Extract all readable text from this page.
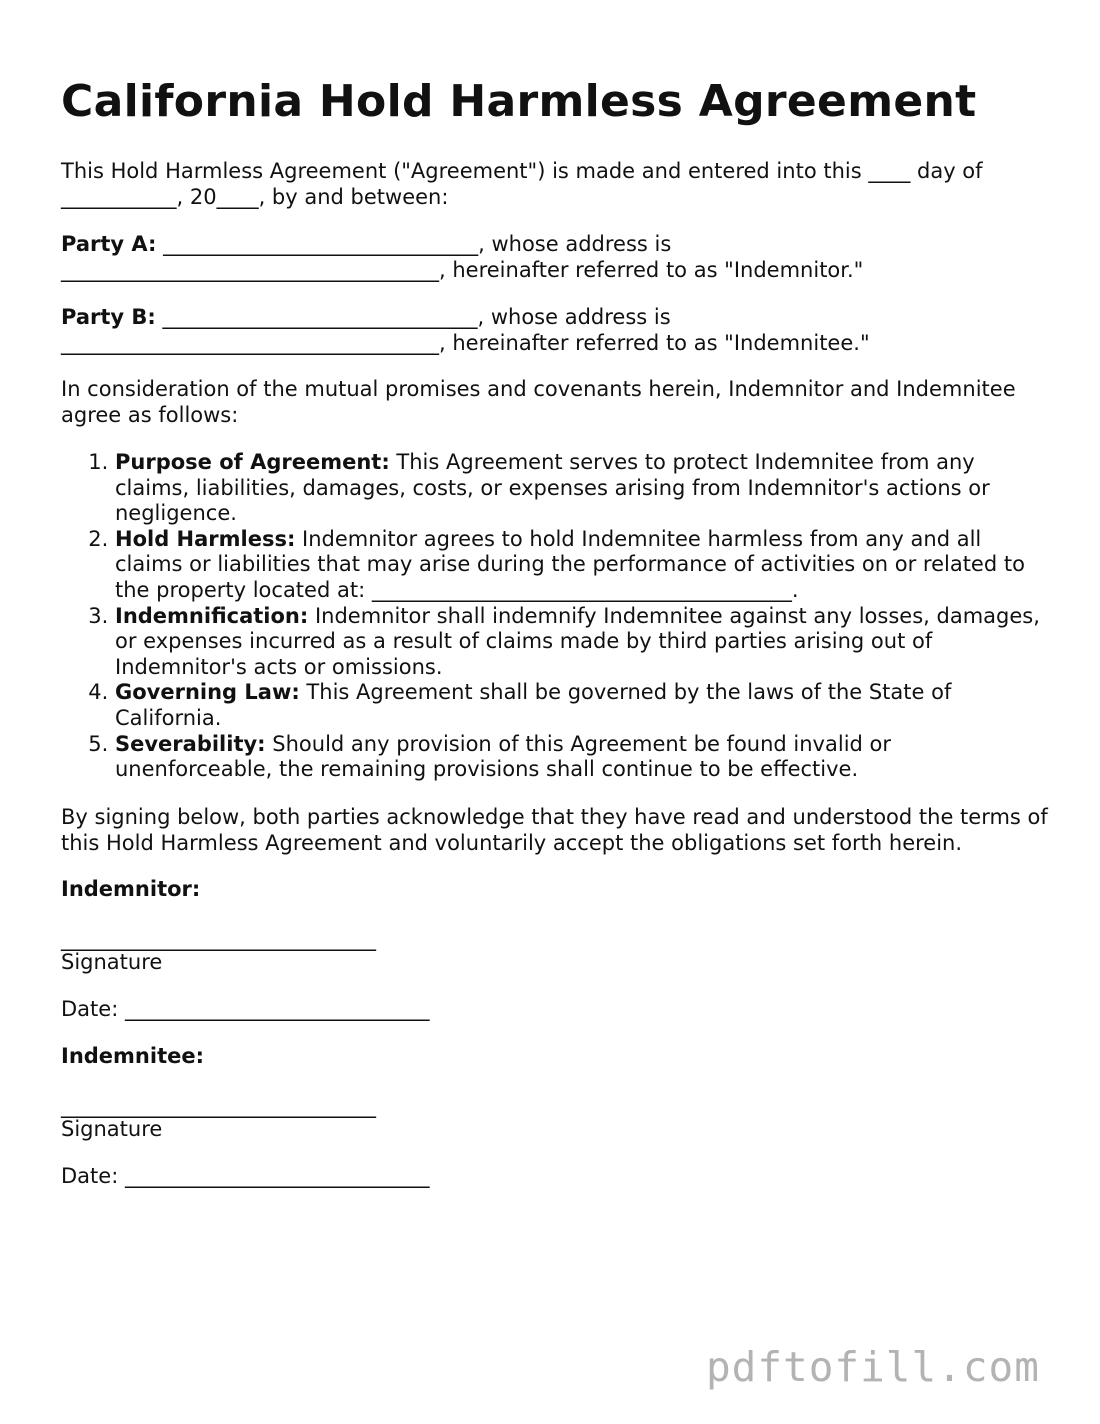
California Hold Harmless Agreement
This Hold Harmless Agreement ("Agreement") is made and entered into this ____ day of
___________, 20____, by and between:
Party A: ______________________________, whose address is
____________________________________, hereinafter referred to as "Indemnitor."
Party B: ______________________________, whose address is
____________________________________, hereinafter referred to as "Indemnitee."
In consideration of the mutual promises and covenants herein, Indemnitor and Indemnitee agree as follows:
1. Purpose of Agreement: This Agreement serves to protect Indemnitee from any claims, liabilities, damages, costs, or expenses arising from Indemnitor's actions or negligence.
2. Hold Harmless: Indemnitor agrees to hold Indemnitee harmless from any and all claims or liabilities that may arise during the performance of activities on or related to the property located at: ________________________________________.
3. Indemnification: Indemnitor shall indemnify Indemnitee against any losses, damages, or expenses incurred as a result of claims made by third parties arising out of Indemnitor's acts or omissions.
4. Governing Law: This Agreement shall be governed by the laws of the State of California.
5. Severability: Should any provision of this Agreement be found invalid or unenforceable, the remaining provisions shall continue to be effective.
By signing below, both parties acknowledge that they have read and understood the terms of this Hold Harmless Agreement and voluntarily accept the obligations set forth herein.
Indemnitor:
______________________________
Signature
Date: _____________________________
Indemnitee:
______________________________
Signature
Date: _____________________________
pdftofill.com
